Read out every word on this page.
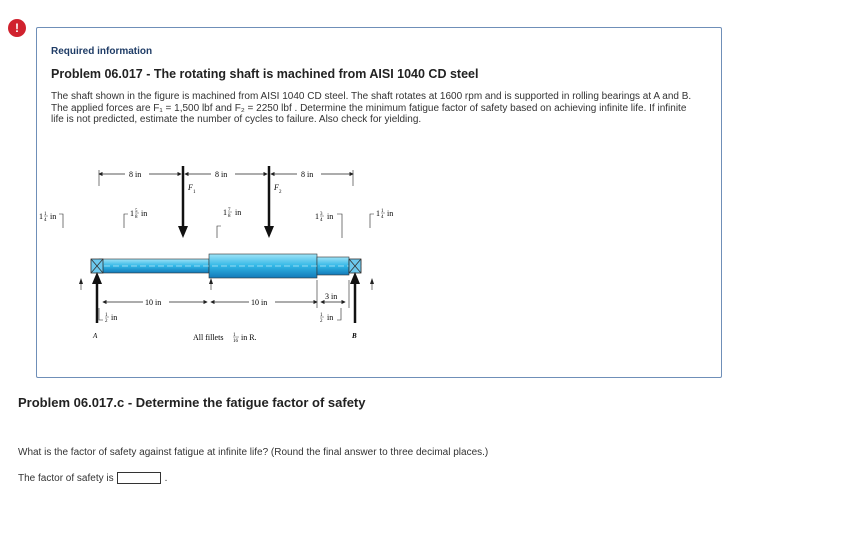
!
Required information
Problem 06.017 - The rotating shaft is machined from AISI 1040 CD steel
The shaft shown in the figure is machined from AISI 1040 CD steel. The shaft rotates at 1600 rpm and is supported in rolling bearings at A and B. The applied forces are F₁ = 1,500 lbf and F₂ = 2250 lbf . Determine the minimum fatigue factor of safety based on achieving infinite life. If infinite life is not predicted, estimate the number of cycles to failure. Also check for yielding.
8 in	8 in	8 in
F
1
F
2
1 1
4 in	1 5
8 in	1 7
8 in	1 3
4 in	1 1
4 in
10 in	10 in
3 in
1
2 in	1
2 in
A	B
All fillets 1
16 in R.
Problem 06.017.c - Determine the fatigue factor of safety
What is the factor of safety against fatigue at infinite life? (Round the final answer to three decimal places.)
The factor of safety is	.
